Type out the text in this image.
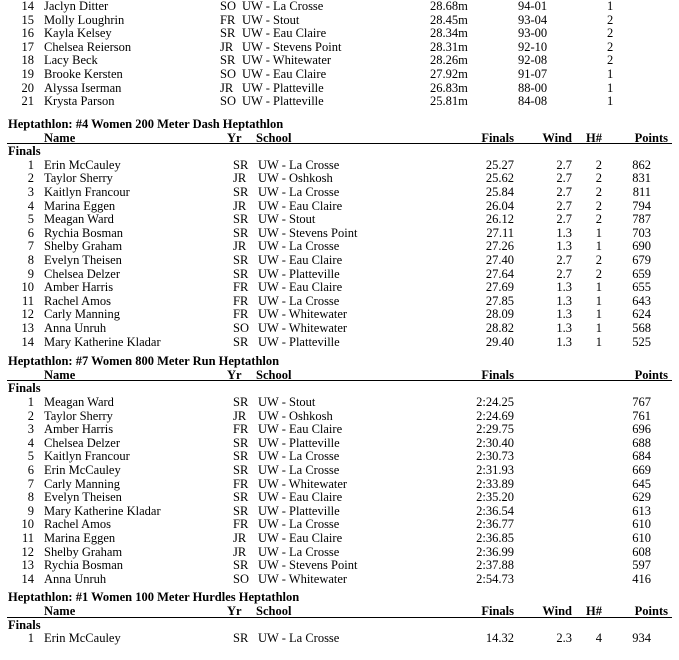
14 Jaclyn Ditter	SO UW - La Crosse	28.68m	94-01	1
15 Molly Loughrin	FR UW - Stout	28.45m	93-04	2
16 Kayla Kelsey	SR UW - Eau Claire	28.34m	93-00	2
17 Chelsea Reierson	JR UW - Stevens Point	28.31m	92-10	2
18 Lacy Beck	SR UW - Whitewater	28.26m	92-08	2
19 Brooke Kersten	SO UW - Eau Claire	27.92m	91-07	1
20 Alyssa Iserman	JR UW - Platteville	26.83m	88-00	1
21 Krysta Parson	SO UW - Platteville	25.81m	84-08	1
Heptathlon: #4 Women 200 Meter Dash Heptathlon
Name	Yr School	Finals	Wind H#	Points
Finals
1 Erin McCauley	SR UW - La Crosse	25.27	2.7	2	862
2 Taylor Sherry	JR UW - Oshkosh	25.62	2.7	2	831
3 Kaitlyn Francour	SR UW - La Crosse	25.84	2.7	2	811
4 Marina Eggen	JR UW - Eau Claire	26.04	2.7	2	794
5 Meagan Ward	SR UW - Stout	26.12	2.7	2	787
6 Rychia Bosman	SR UW - Stevens Point	27.11	1.3	1	703
7 Shelby Graham	JR UW - La Crosse	27.26	1.3	1	690
8 Evelyn Theisen	SR UW - Eau Claire	27.40	2.7	2	679
9 Chelsea Delzer	SR UW - Platteville	27.64	2.7	2	659
10 Amber Harris	FR UW - Eau Claire	27.69	1.3	1	655
11 Rachel Amos	FR UW - La Crosse	27.85	1.3	1	643
12 Carly Manning	FR UW - Whitewater	28.09	1.3	1	624
13 Anna Unruh	SO UW - Whitewater	28.82	1.3	1	568
14 Mary Katherine Kladar	SR UW - Platteville	29.40	1.3	1	525
Heptathlon: #7 Women 800 Meter Run Heptathlon
Name	Yr School	Finals	Points
Finals
1 Meagan Ward	SR UW - Stout	2:24.25	767
2 Taylor Sherry	JR UW - Oshkosh	2:24.69	761
3 Amber Harris	FR UW - Eau Claire	2:29.75	696
4 Chelsea Delzer	SR UW - Platteville	2:30.40	688
5 Kaitlyn Francour	SR UW - La Crosse	2:30.73	684
6 Erin McCauley	SR UW - La Crosse	2:31.93	669
7 Carly Manning	FR UW - Whitewater	2:33.89	645
8 Evelyn Theisen	SR UW - Eau Claire	2:35.20	629
9 Mary Katherine Kladar	SR UW - Platteville	2:36.54	613
10 Rachel Amos	FR UW - La Crosse	2:36.77	610
11 Marina Eggen	JR UW - Eau Claire	2:36.85	610
12 Shelby Graham	JR UW - La Crosse	2:36.99	608
13 Rychia Bosman	SR UW - Stevens Point	2:37.88	597
14 Anna Unruh	SO UW - Whitewater	2:54.73	416
Heptathlon: #1 Women 100 Meter Hurdles Heptathlon
Name	Yr School	Finals	Wind H#	Points
Finals
1 Erin McCauley	SR UW - La Crosse	14.32	2.3	4	934
